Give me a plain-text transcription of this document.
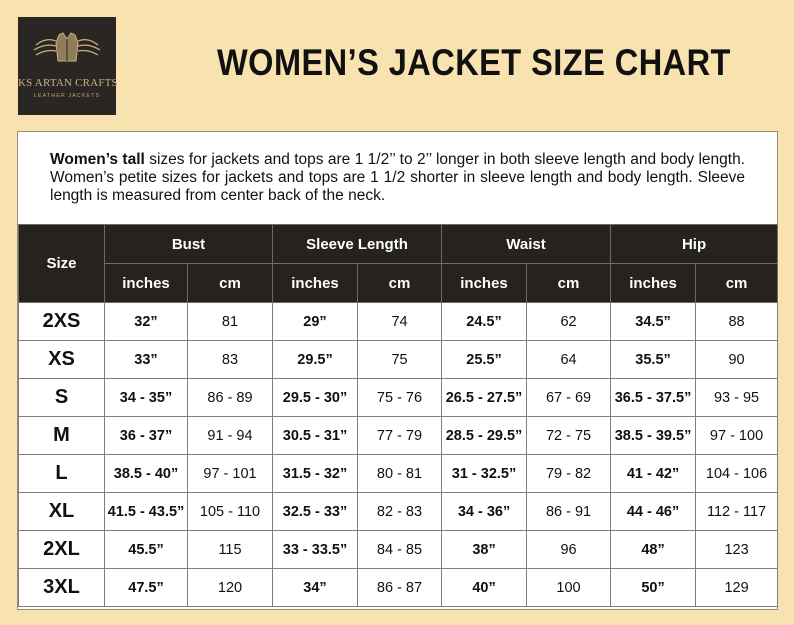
KS ARTAN CRAFTS
LEATHER JACKETS
WOMEN’S JACKET SIZE CHART
Women’s tall sizes for jackets and tops are 1 1/2’’ to 2’’ longer in both sleeve length and body length. Women’s petite sizes for jackets and tops are 1 1/2 shorter in sleeve length and body length. Sleeve length is measured from center back of the neck.
Size	Bust		Sleeve Length		Waist		Hip	
	inches	cm	inches	cm	inches	cm	inches	cm
2XS	32”	81	29”	74	24.5”	62	34.5”	88
XS	33”	83	29.5”	75	25.5”	64	35.5”	90
S	34 - 35”	86 - 89	29.5 - 30”	75 - 76	26.5 - 27.5”	67 - 69	36.5 - 37.5”	93 - 95
M	36 - 37”	91 - 94	30.5 - 31”	77 - 79	28.5 - 29.5”	72 - 75	38.5 - 39.5”	97 - 100
L	38.5 - 40”	97 - 101	31.5 - 32”	80 - 81	31 - 32.5”	79 - 82	41 - 42”	104 - 106
XL	41.5 - 43.5”	105 - 110	32.5 - 33”	82 - 83	34 - 36”	86 - 91	44 - 46”	112 - 117
2XL	45.5”	115	33 - 33.5”	84 - 85	38”	96	48”	123
3XL	47.5”	120	34”	86 - 87	40”	100	50”	129
